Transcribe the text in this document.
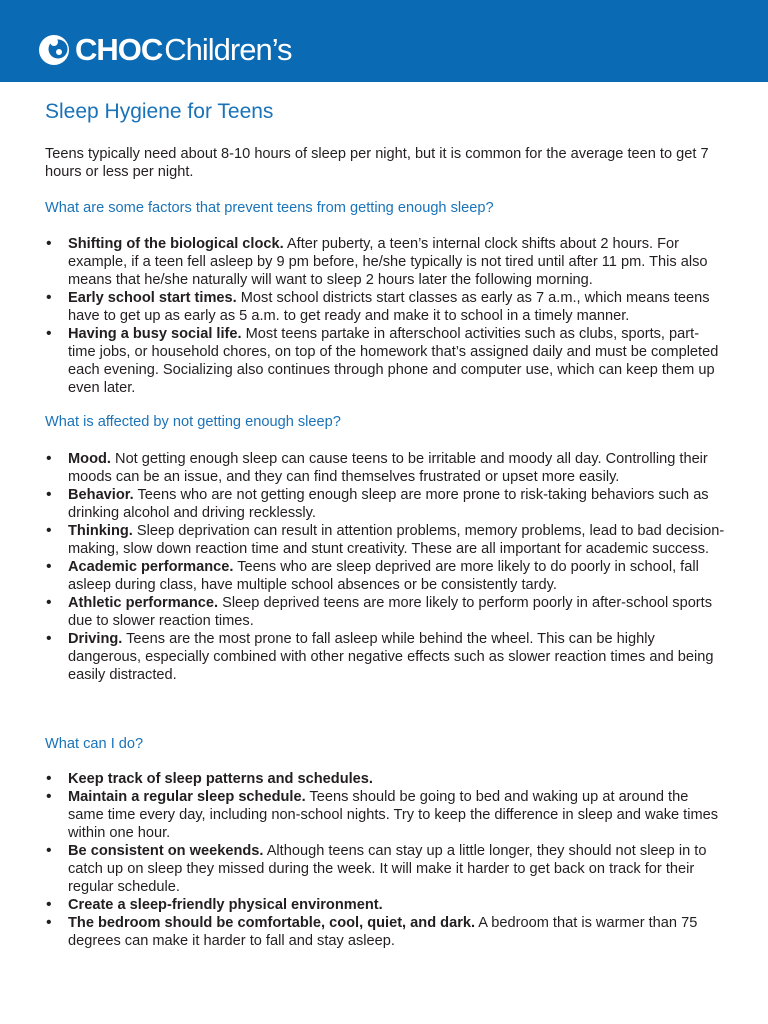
CHOC Children’s
Sleep Hygiene for Teens

Teens typically need about 8-10 hours of sleep per night, but it is common for the average teen to get 7 hours or less per night.

What are some factors that prevent teens from getting enough sleep?
• Shifting of the biological clock. After puberty, a teen’s internal clock shifts about 2 hours. For example, if a teen fell asleep by 9 pm before, he/she typically is not tired until after 11 pm. This also means that he/she naturally will want to sleep 2 hours later the following morning.
• Early school start times. Most school districts start classes as early as 7 a.m., which means teens have to get up as early as 5 a.m. to get ready and make it to school in a timely manner.
• Having a busy social life. Most teens partake in afterschool activities such as clubs, sports, part-time jobs, or household chores, on top of the homework that’s assigned daily and must be completed each evening. Socializing also continues through phone and computer use, which can keep them up even later.
What is affected by not getting enough sleep?
• Mood. Not getting enough sleep can cause teens to be irritable and moody all day. Controlling their moods can be an issue, and they can find themselves frustrated or upset more easily.
• Behavior. Teens who are not getting enough sleep are more prone to risk-taking behaviors such as drinking alcohol and driving recklessly.
• Thinking. Sleep deprivation can result in attention problems, memory problems, lead to bad decision-making, slow down reaction time and stunt creativity. These are all important for academic success.
• Academic performance. Teens who are sleep deprived are more likely to do poorly in school, fall asleep during class, have multiple school absences or be consistently tardy.
• Athletic performance. Sleep deprived teens are more likely to perform poorly in after-school sports due to slower reaction times.
• Driving. Teens are the most prone to fall asleep while behind the wheel. This can be highly dangerous, especially combined with other negative effects such as slower reaction times and being easily distracted.
What can I do?
• Keep track of sleep patterns and schedules.
• Maintain a regular sleep schedule. Teens should be going to bed and waking up at around the same time every day, including non-school nights. Try to keep the difference in sleep and wake times within one hour.
• Be consistent on weekends. Although teens can stay up a little longer, they should not sleep in to catch up on sleep they missed during the week. It will make it harder to get back on track for their regular schedule.
• Create a sleep-friendly physical environment.
• The bedroom should be comfortable, cool, quiet, and dark. A bedroom that is warmer than 75 degrees can make it harder to fall and stay asleep.
